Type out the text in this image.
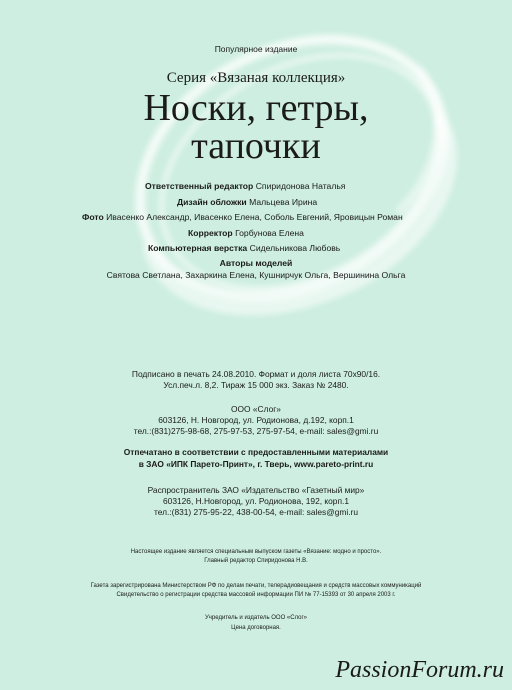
Популярное издание
Серия «Вязаная коллекция»
Носки, гетры,
тапочки
Ответственный редактор Спиридонова Наталья
Дизайн обложки Мальцева Ирина
Фото Ивасенко Александр, Ивасенко Елена, Соболь Евгений, Яровицын Роман
Корректор Горбунова Елена
Компьютерная верстка Сидельникова Любовь
Авторы моделей
Святова Светлана, Захаркина Елена, Кушнирчук Ольга, Вершинина Ольга
Подписано в печать 24.08.2010. Формат и доля листа 70х90/16.
Усл.печ.л. 8,2. Тираж 15 000 экз. Заказ № 2480.
ООО «Слог»
603126, Н. Новгород, ул. Родионова, д.192, корп.1
тел.:(831)275-98-68, 275-97-53, 275-97-54, e-mail: sales@gmi.ru
Отпечатано в соответствии с предоставленными материалами
в ЗАО «ИПК Парето-Принт», г. Тверь, www.pareto-print.ru
Распространитель ЗАО «Издательство «Газетный мир»
603126, Н.Новгород, ул. Родионова, 192, корп.1
тел.:(831) 275-95-22, 438-00-54, e-mail: sales@gmi.ru
Настоящее издание является специальным выпуском газеты «Вязание: модно и просто».
Главный редактор Спиридонова Н.В.
Газета зарегистрирована Министерством РФ по делам печати, телерадиовещания и средств массовых коммуникаций
Свидетельство о регистрации средства массовой информации ПИ № 77-15393 от 30 апреля 2003 г.
Учредитель и издатель ООО «Слог»
Цена договорная.
PassionForum.ru
